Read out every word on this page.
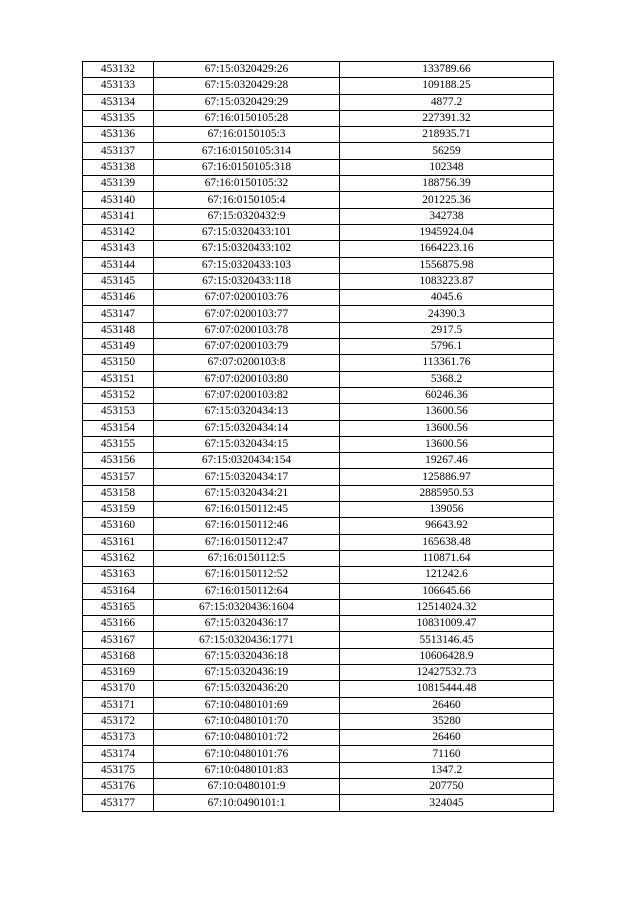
453132	67:15:0320429:26	133789.66
453133	67:15:0320429:28	109188.25
453134	67:15:0320429:29	4877.2
453135	67:16:0150105:28	227391.32
453136	67:16:0150105:3	218935.71
453137	67:16:0150105:314	56259
453138	67:16:0150105:318	102348
453139	67:16:0150105:32	188756.39
453140	67:16:0150105:4	201225.36
453141	67:15:0320432:9	342738
453142	67:15:0320433:101	1945924.04
453143	67:15:0320433:102	1664223.16
453144	67:15:0320433:103	1556875.98
453145	67:15:0320433:118	1083223.87
453146	67:07:0200103:76	4045.6
453147	67:07:0200103:77	24390.3
453148	67:07:0200103:78	2917.5
453149	67:07:0200103:79	5796.1
453150	67:07:0200103:8	113361.76
453151	67:07:0200103:80	5368.2
453152	67:07:0200103:82	60246.36
453153	67:15:0320434:13	13600.56
453154	67:15:0320434:14	13600.56
453155	67:15:0320434:15	13600.56
453156	67:15:0320434:154	19267.46
453157	67:15:0320434:17	125886.97
453158	67:15:0320434:21	2885950.53
453159	67:16:0150112:45	139056
453160	67:16:0150112:46	96643.92
453161	67:16:0150112:47	165638.48
453162	67:16:0150112:5	110871.64
453163	67:16:0150112:52	121242.6
453164	67:16:0150112:64	106645.66
453165	67:15:0320436:1604	12514024.32
453166	67:15:0320436:17	10831009.47
453167	67:15:0320436:1771	5513146.45
453168	67:15:0320436:18	10606428.9
453169	67:15:0320436:19	12427532.73
453170	67:15:0320436:20	10815444.48
453171	67:10:0480101:69	26460
453172	67:10:0480101:70	35280
453173	67:10:0480101:72	26460
453174	67:10:0480101:76	71160
453175	67:10:0480101:83	1347.2
453176	67:10:0480101:9	207750
453177	67:10:0490101:1	324045
